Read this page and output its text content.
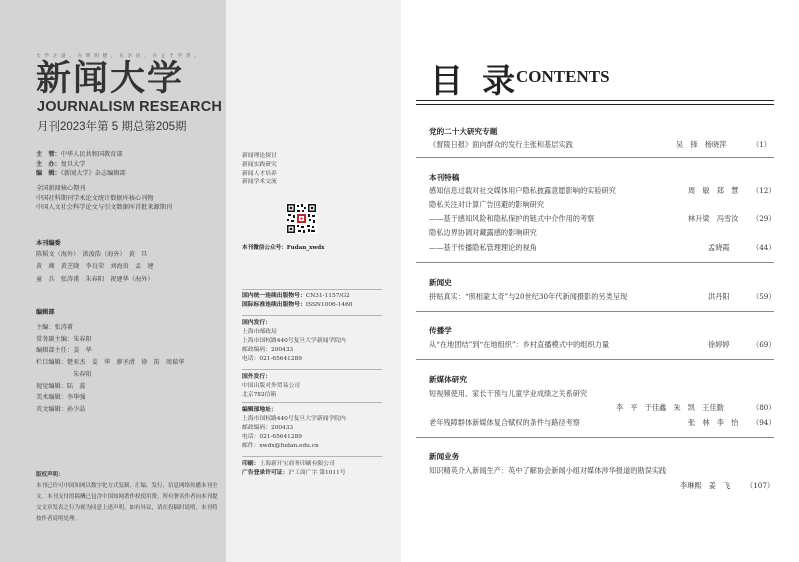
大 学 之 道 ， 在 明 明 德 ， 在 亲 民 ， 在 止 于 至 善 。
新闻大学
JOURNALISM RESEARCH
月刊2023年第 5 期总第205期
主　管：中华人民共和国教育部
主　办：复旦大学
编　辑：《新闻大学》杂志编辑部
全国新闻核心期刊
中国社科期刊学术论文统计数据库核心刊物
中国人文社会科学论文与引文数据库首批来源期刊
本刊编委
陈韬文（海外）　洪浚浩（海外）　黄　旦
黄　瑚　黄芝晓　李良荣　刘海贵　孟　建
童　兵　张涛甫　朱春阳　祝建华（海外）
编辑部
主编：张涛甫
常务副主编：朱春阳
编辑部主任：姜　华
栏目编辑：楚亚杰　姜　华　廖圣清　徐　笛　周葆华
朱春阳
视觉编辑：陆　蕊
美术编辑：李华强
英文编辑：孙少晶
版权声明：
本刊已许可中国知网以数字化方式复制、汇编、发行、信息网络传播本刊全文。本刊支付的稿酬已包含中国知网著作权使用费，所有署名作者向本刊提交文章发表之行为视为同意上述声明。如有异议，请在投稿时说明，本刊将按作者说明处理。
新闻理论探讨
新闻实践研究
新闻人才培养
新闻学术交流
本刊微信公众号：Fudan_xwdx
国内统一连续出版物号：CN31-1157/G2
国际标准连续出版物号：ISSN1006-1460
国内发行：
上海市邮政局
上海市国权路440号复旦大学新闻学院内
邮政编码：200433
电话：021-65641289
国外发行：
中国出版对外贸易公司
北京782信箱
编辑部地址：
上海市国权路440号复旦大学新闻学院内
邮政编码：200433
电话：021-65641289
邮件：xwdx@fudan.edu.cn
印刷：上海新开宝商务印刷有限公司
广告登录许可证：沪工商广字 第1011号
目 录
CONTENTS
党的二十大研究专题
《督陵日报》面向群众的发行主张和基层实践	吴　锋　杨晓萍	（1）
本刊特稿
感知信息过载对社交媒体用户隐私披露意愿影响的实验研究	周　敏　郑　慧 （12）
隐私关注对计算广告回避的影响研究
——基于感知风险和隐私保护的链式中介作用的考察	林升梁　冯雪汝 （29）
隐私边界协调对藏露感的影响研究
——基于传播隐私管理理论的视角	孟晓霞	（44）
新闻史
拼贴真实：“照相蒙太奇”与20世纪30年代新闻摄影的另类呈现	洪丹阳	（59）
传播学
从“在地团结”到“在地组织”：乡村直播模式中的组织力量	徐婷婷	（69）
新媒体研究
短视频使用、家长干预与儿童学业成绩之关系研究
李　平　于佳鑫　朱　凯　王佳勤	（80）
老年残障群体新媒体复合赋权的条件与路径考察	张　林　李　怡 （94）
新闻业务
知识精英介入新闻生产：英中了解协会新闻小组对媒体涉华报道的勘误实践
李琳熙　姜　飞 （107）
